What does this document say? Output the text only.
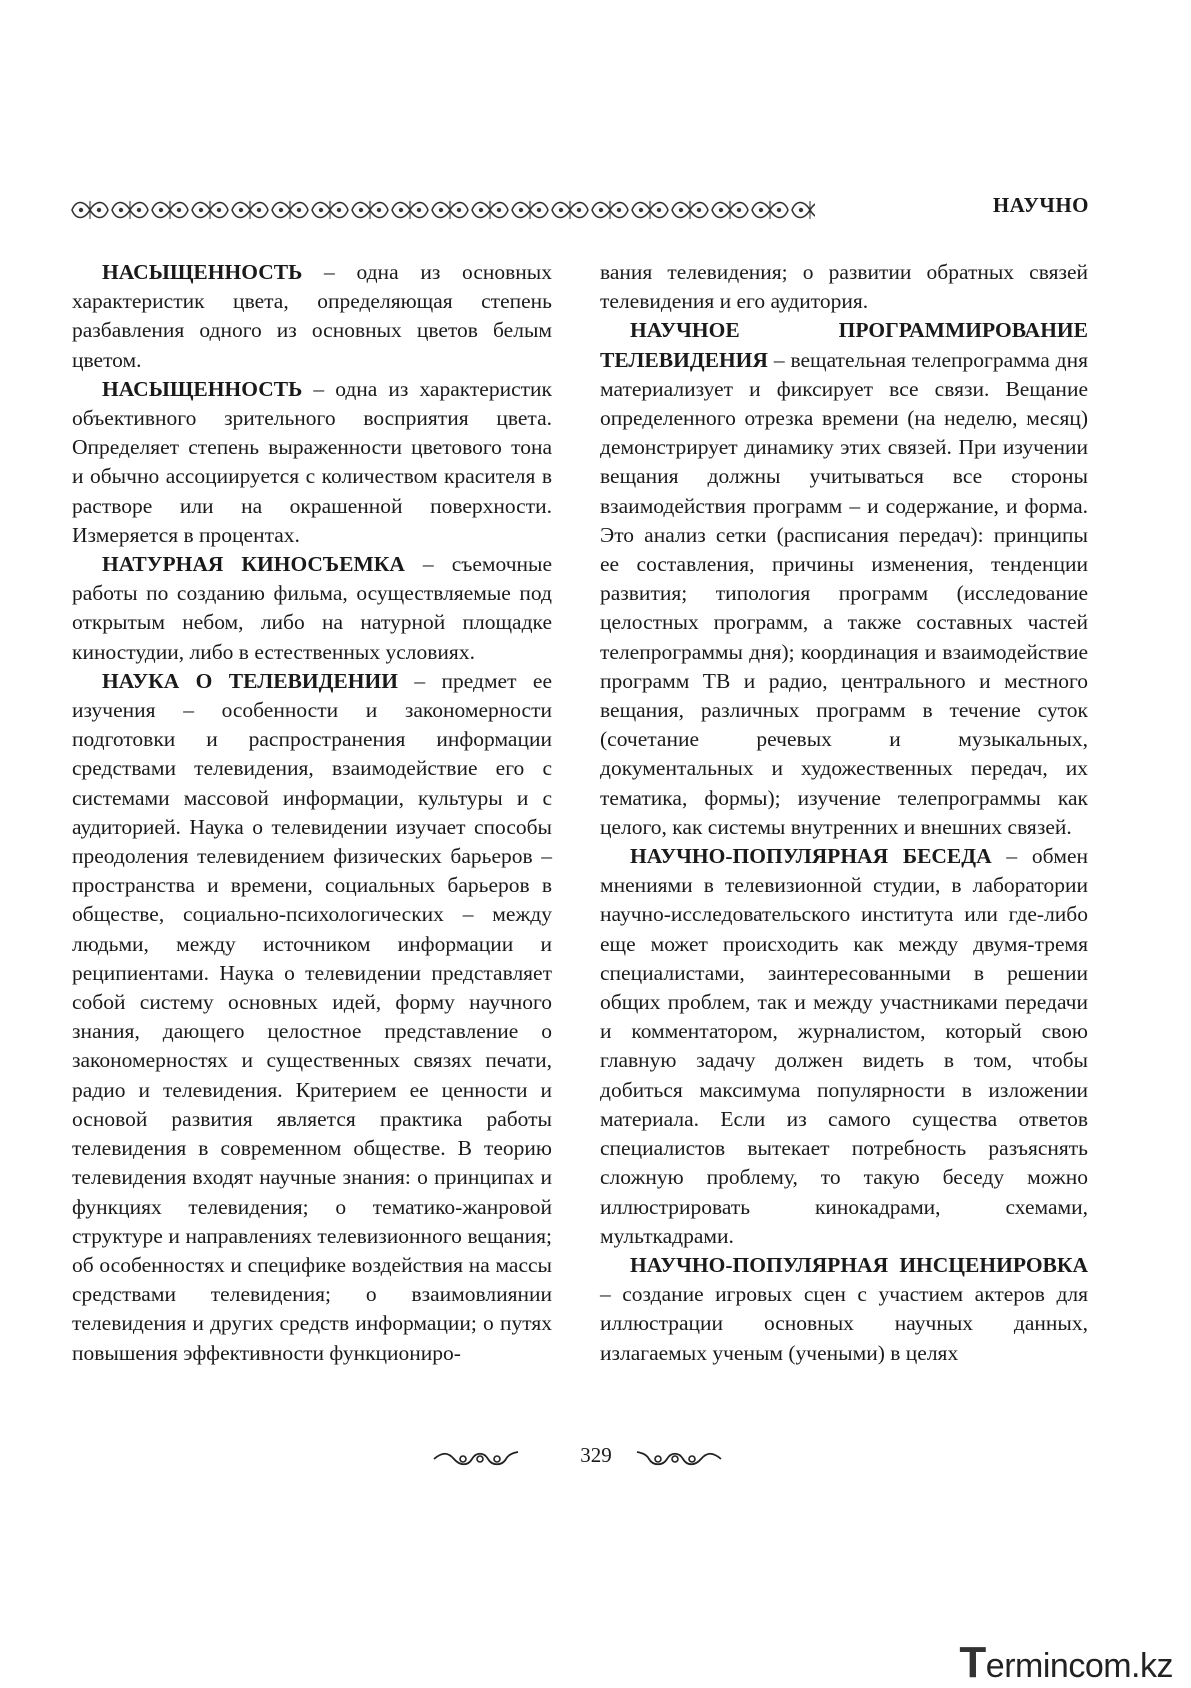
НАУЧНО

НАСЫЩЕННОСТЬ – одна из основных характеристик цвета, определяющая степень разбавления одного из основных цветов белым цветом.

НАСЫЩЕННОСТЬ – одна из характеристик объективного зрительного восприятия цвета. Определяет степень выраженности цветового тона и обычно ассоциируется с количеством красителя в растворе или на окрашенной поверхности. Измеряется в процентах.

НАТУРНАЯ КИНОСЪЕМКА – съемочные работы по созданию фильма, осуществляемые под открытым небом, либо на натурной площадке киностудии, либо в естественных условиях.

НАУКА О ТЕЛЕВИДЕНИИ – предмет ее изучения – особенности и закономерности подготовки и распространения информации средствами телевидения, взаимодействие его с системами массовой информации, культуры и с аудиторией. Наука о телевидении изучает способы преодоления телевидением физических барьеров – пространства и времени, социальных барьеров в обществе, социально-психологических – между людьми, между источником информации и реципиентами. Наука о телевидении представляет собой систему основных идей, форму научного знания, дающего целостное представление о закономерностях и существенных связях печати, радио и телевидения. Критерием ее ценности и основой развития является практика работы телевидения в современном обществе. В теорию телевидения входят научные знания: о принципах и функциях телевидения; о тематико-жанровой структуре и направлениях телевизионного вещания; об особенностях и специфике воздействия на массы средствами телевидения; о взаимовлиянии телевидения и других средств информации; о путях повышения эффективности функциониро-

вания телевидения; о развитии обратных связей телевидения и его аудитория.

НАУЧНОЕ ПРОГРАММИРОВАНИЕ ТЕЛЕВИДЕНИЯ – вещательная телепрограмма дня материализует и фиксирует все связи. Вещание определенного отрезка времени (на неделю, месяц) демонстрирует динамику этих связей. При изучении вещания должны учитываться все стороны взаимодействия программ – и содержание, и форма. Это анализ сетки (расписания передач): принципы ее составления, причины изменения, тенденции развития; типология программ (исследование целостных программ, а также составных частей телепрограммы дня); координация и взаимодействие программ ТВ и радио, центрального и местного вещания, различных программ в течение суток (сочетание речевых и музыкальных, документальных и художественных передач, их тематика, формы); изучение телепрограммы как целого, как системы внутренних и внешних связей.

НАУЧНО-ПОПУЛЯРНАЯ БЕСЕДА – обмен мнениями в телевизионной студии, в лаборатории научно-исследовательского института или где-либо еще может происходить как между двумя-тремя специалистами, заинтересованными в решении общих проблем, так и между участниками передачи и комментатором, журналистом, который свою главную задачу должен видеть в том, чтобы добиться максимума популярности в изложении материала. Если из самого существа ответов специалистов вытекает потребность разъяснять сложную проблему, то такую беседу можно иллюстрировать кинокадрами, схемами, мульткадрами.

НАУЧНО-ПОПУЛЯРНАЯ ИНСЦЕНИРОВКА – создание игровых сцен с участием актеров для иллюстрации основных научных данных, излагаемых ученым (учеными) в целях

329
Termincom.kz
